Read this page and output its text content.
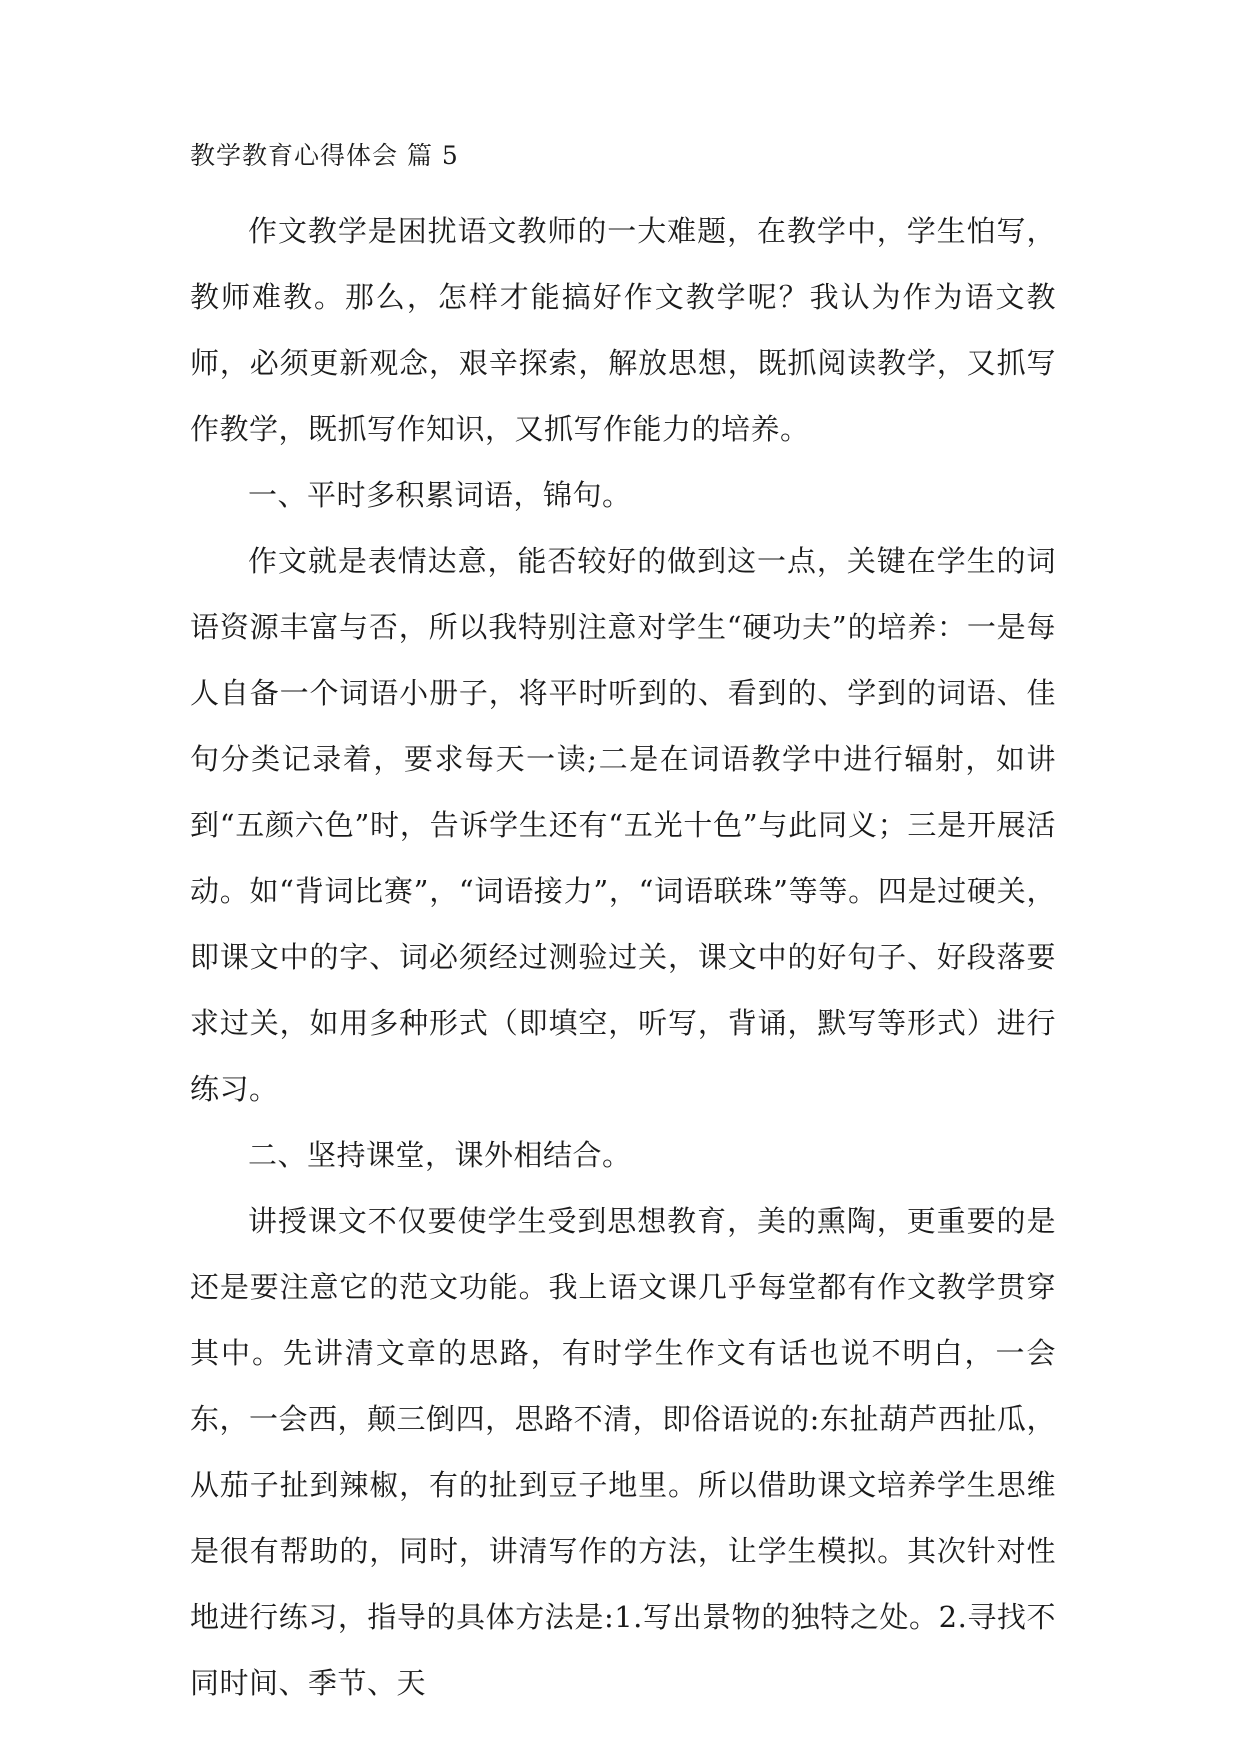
教学教育心得体会 篇 5

作文教学是困扰语文教师的一大难题，在教学中，学生怕写，教师难教。那么，怎样才能搞好作文教学呢？我认为作为语文教师，必须更新观念，艰辛探索，解放思想，既抓阅读教学，又抓写作教学，既抓写作知识，又抓写作能力的培养。

一、平时多积累词语，锦句。

作文就是表情达意，能否较好的做到这一点，关键在学生的词语资源丰富与否，所以我特别注意对学生“硬功夫”的培养：一是每人自备一个词语小册子，将平时听到的、看到的、学到的词语、佳句分类记录着，要求每天一读;二是在词语教学中进行辐射，如讲到“五颜六色”时，告诉学生还有“五光十色”与此同义；三是开展活动。如“背词比赛”，“词语接力”，“词语联珠”等等。四是过硬关，即课文中的字、词必须经过测验过关，课文中的好句子、好段落要求过关，如用多种形式（即填空，听写，背诵，默写等形式）进行练习。

二、坚持课堂，课外相结合。

讲授课文不仅要使学生受到思想教育，美的熏陶，更重要的是还是要注意它的范文功能。我上语文课几乎每堂都有作文教学贯穿其中。先讲清文章的思路，有时学生作文有话也说不明白，一会东，一会西，颠三倒四，思路不清，即俗语说的:东扯葫芦西扯瓜，从茄子扯到辣椒，有的扯到豆子地里。所以借助课文培养学生思维是很有帮助的，同时，讲清写作的方法，让学生模拟。其次针对性地进行练习，指导的具体方法是:1.写出景物的独特之处。2.寻找不同时间、季节、天
